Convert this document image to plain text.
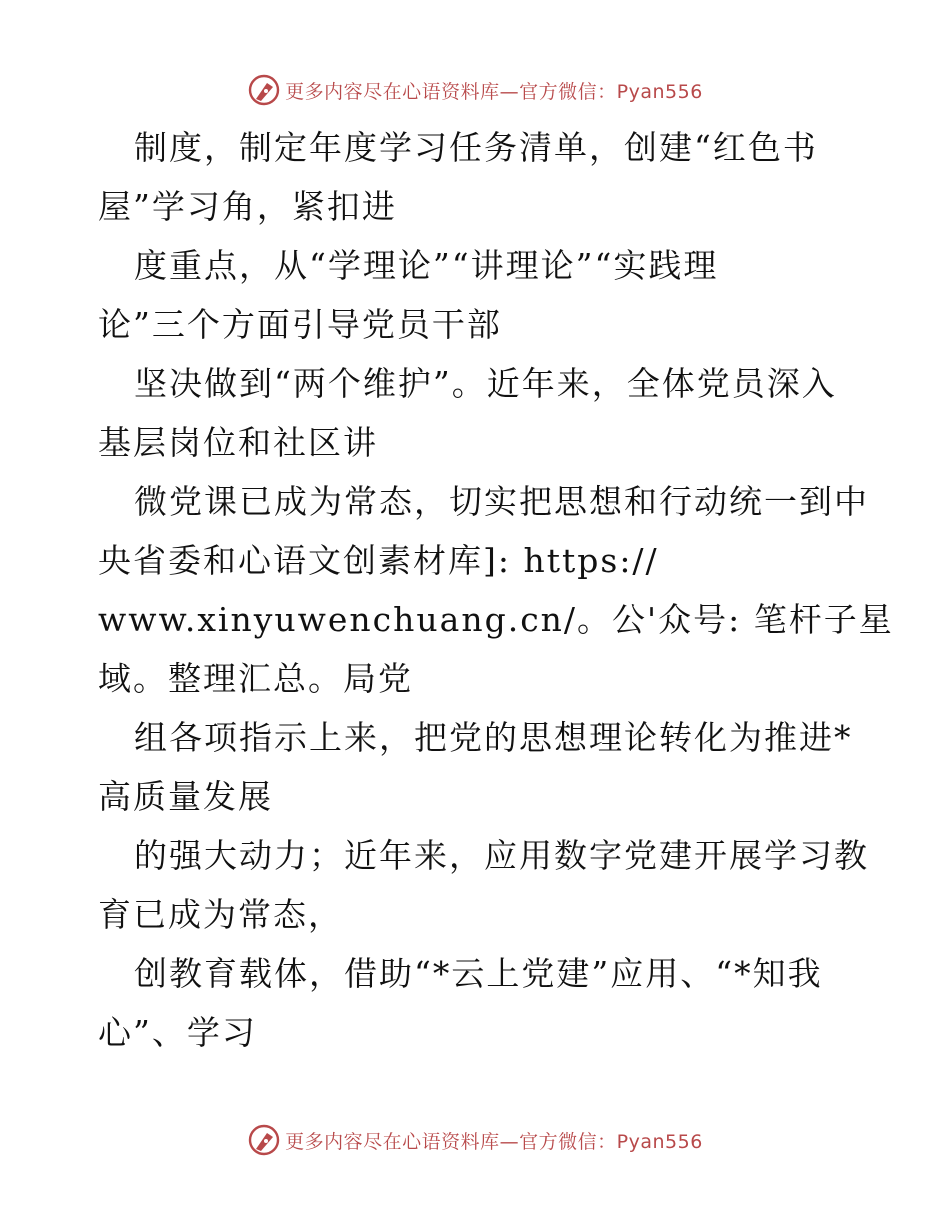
更多内容尽在心语资料库—官方微信：Pyan556
制度，制定年度学习任务清单，创建“红色书
屋”学习角，紧扣进
度重点，从“学理论”“讲理论”“实践理
论”三个方面引导党员干部
坚决做到“两个维护”。近年来，全体党员深入
基层岗位和社区讲
微党课已成为常态，切实把思想和行动统一到中
央省委和心语文创素材库]: https://
www.xinyuwenchuang.cn/。公'众号: 笔杆子星
域。整理汇总。局党
组各项指示上来，把党的思想理论转化为推进*
高质量发展
的强大动力；近年来，应用数字党建开展学习教
育已成为常态，
创教育载体，借助“*云上党建”应用、“*知我
心”、学习
更多内容尽在心语资料库—官方微信：Pyan556
